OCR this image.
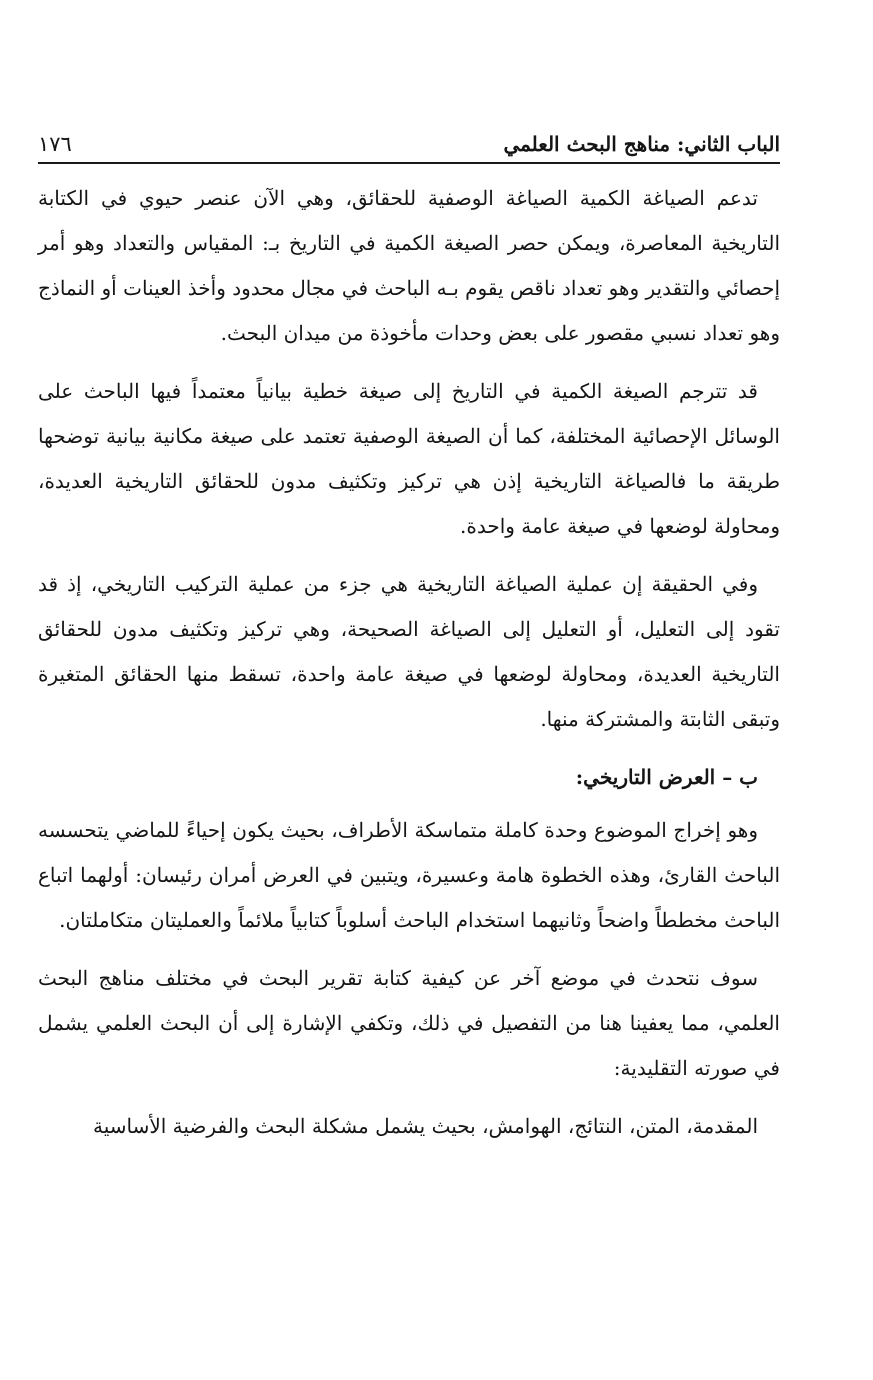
الباب الثاني: مناهج البحث العلمي
١٧٦

تدعم الصياغة الكمية الصياغة الوصفية للحقائق، وهي الآن عنصر حيوي في الكتابة التاريخية المعاصرة، ويمكن حصر الصيغة الكمية في التاريخ بـ: المقياس والتعداد وهو أمر إحصائي والتقدير وهو تعداد ناقص يقوم بـه الباحث في مجال محدود وأخذ العينات أو النماذج وهو تعداد نسبي مقصور على بعض وحدات مأخوذة من ميدان البحث.

قد تترجم الصيغة الكمية في التاريخ إلى صيغة خطية بيانياً معتمداً فيها الباحث على الوسائل الإحصائية المختلفة، كما أن الصيغة الوصفية تعتمد على صيغة مكانية بيانية توضحها طريقة ما فالصياغة التاريخية إذن هي تركيز وتكثيف مدون للحقائق التاريخية العديدة، ومحاولة لوضعها في صيغة عامة واحدة.

وفي الحقيقة إن عملية الصياغة التاريخية هي جزء من عملية التركيب التاريخي، إذ قد تقود إلى التعليل، أو التعليل إلى الصياغة الصحيحة، وهي تركيز وتكثيف مدون للحقائق التاريخية العديدة، ومحاولة لوضعها في صيغة عامة واحدة، تسقط منها الحقائق المتغيرة وتبقى الثابتة والمشتركة منها.

ب – العرض التاريخي:

وهو إخراج الموضوع وحدة كاملة متماسكة الأطراف، بحيث يكون إحياءً للماضي يتحسسه الباحث القارئ، وهذه الخطوة هامة وعسيرة، ويتبين في العرض أمران رئيسان: أولهما اتباع الباحث مخططاً واضحاً وثانيهما استخدام الباحث أسلوباً كتابياً ملائماً والعمليتان متكاملتان.

سوف نتحدث في موضع آخر عن كيفية كتابة تقرير البحث في مختلف مناهج البحث العلمي، مما يعفينا هنا من التفصيل في ذلك، وتكفي الإشارة إلى أن البحث العلمي يشمل في صورته التقليدية:

المقدمة، المتن، النتائج، الهوامش، بحيث يشمل مشكلة البحث والفرضية الأساسية
